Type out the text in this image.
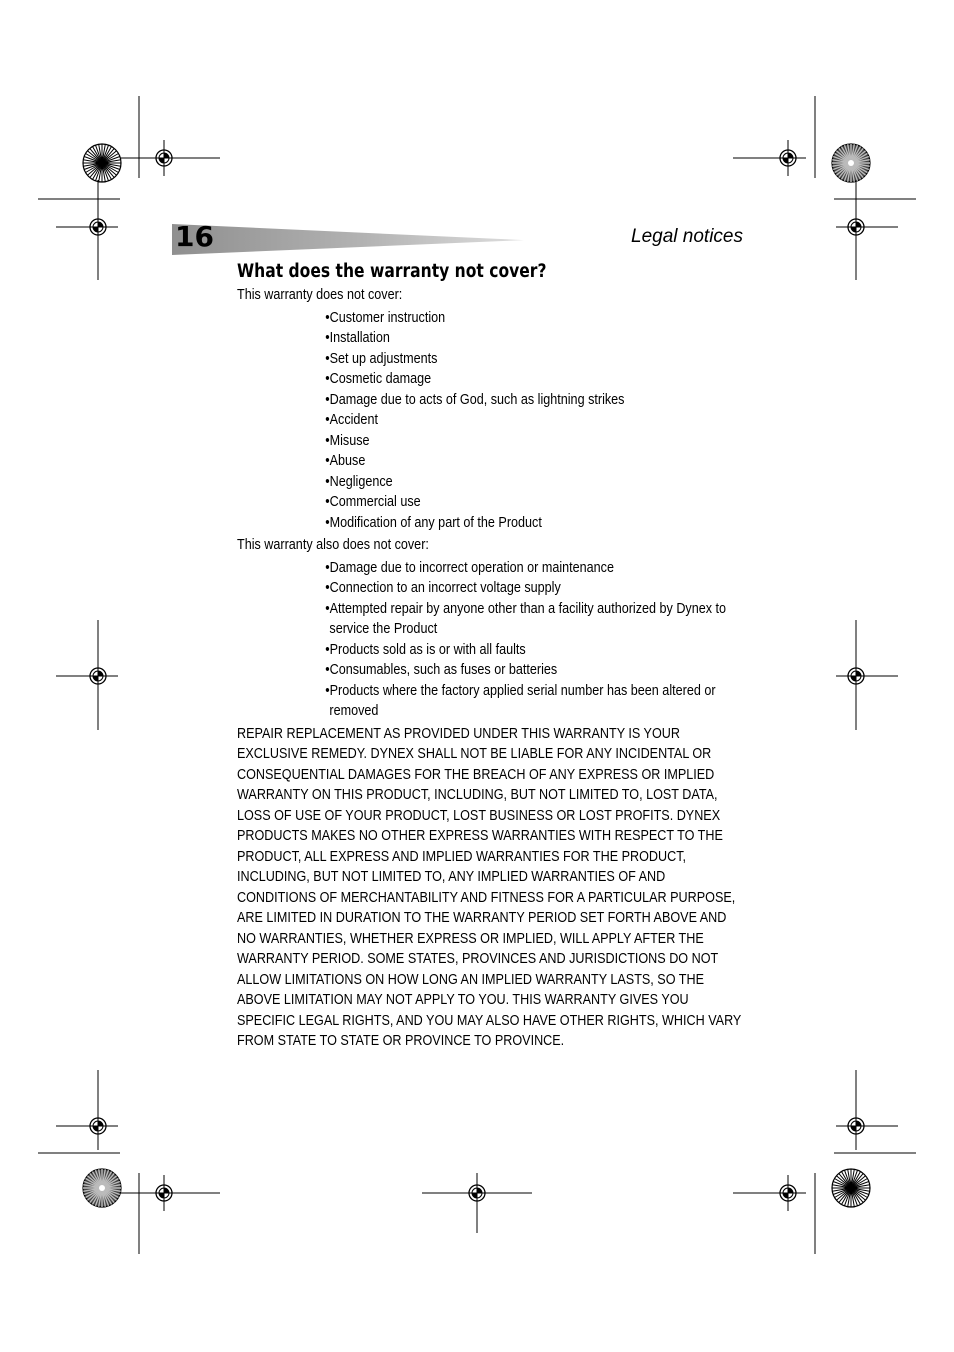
16	Legal notices
What does the warranty not cover?

This warranty does not cover:

• Customer instruction
• Installation
• Set up adjustments
• Cosmetic damage
• Damage due to acts of God, such as lightning strikes
• Accident
• Misuse
• Abuse
• Negligence
• Commercial use
• Modification of any part of the Product

This warranty also does not cover:

• Damage due to incorrect operation or maintenance
• Connection to an incorrect voltage supply
• Attempted repair by anyone other than a facility authorized by Dynex to service the Product
• Products sold as is or with all faults
• Consumables, such as fuses or batteries
• Products where the factory applied serial number has been altered or removed

REPAIR REPLACEMENT AS PROVIDED UNDER THIS WARRANTY IS YOUR EXCLUSIVE REMEDY. DYNEX SHALL NOT BE LIABLE FOR ANY INCIDENTAL OR CONSEQUENTIAL DAMAGES FOR THE BREACH OF ANY EXPRESS OR IMPLIED WARRANTY ON THIS PRODUCT, INCLUDING, BUT NOT LIMITED TO, LOST DATA, LOSS OF USE OF YOUR PRODUCT, LOST BUSINESS OR LOST PROFITS. DYNEX PRODUCTS MAKES NO OTHER EXPRESS WARRANTIES WITH RESPECT TO THE PRODUCT, ALL EXPRESS AND IMPLIED WARRANTIES FOR THE PRODUCT, INCLUDING, BUT NOT LIMITED TO, ANY IMPLIED WARRANTIES OF AND CONDITIONS OF MERCHANTABILITY AND FITNESS FOR A PARTICULAR PURPOSE, ARE LIMITED IN DURATION TO THE WARRANTY PERIOD SET FORTH ABOVE AND NO WARRANTIES, WHETHER EXPRESS OR IMPLIED, WILL APPLY AFTER THE WARRANTY PERIOD. SOME STATES, PROVINCES AND JURISDICTIONS DO NOT ALLOW LIMITATIONS ON HOW LONG AN IMPLIED WARRANTY LASTS, SO THE ABOVE LIMITATION MAY NOT APPLY TO YOU. THIS WARRANTY GIVES YOU SPECIFIC LEGAL RIGHTS, AND YOU MAY ALSO HAVE OTHER RIGHTS, WHICH VARY FROM STATE TO STATE OR PROVINCE TO PROVINCE.
